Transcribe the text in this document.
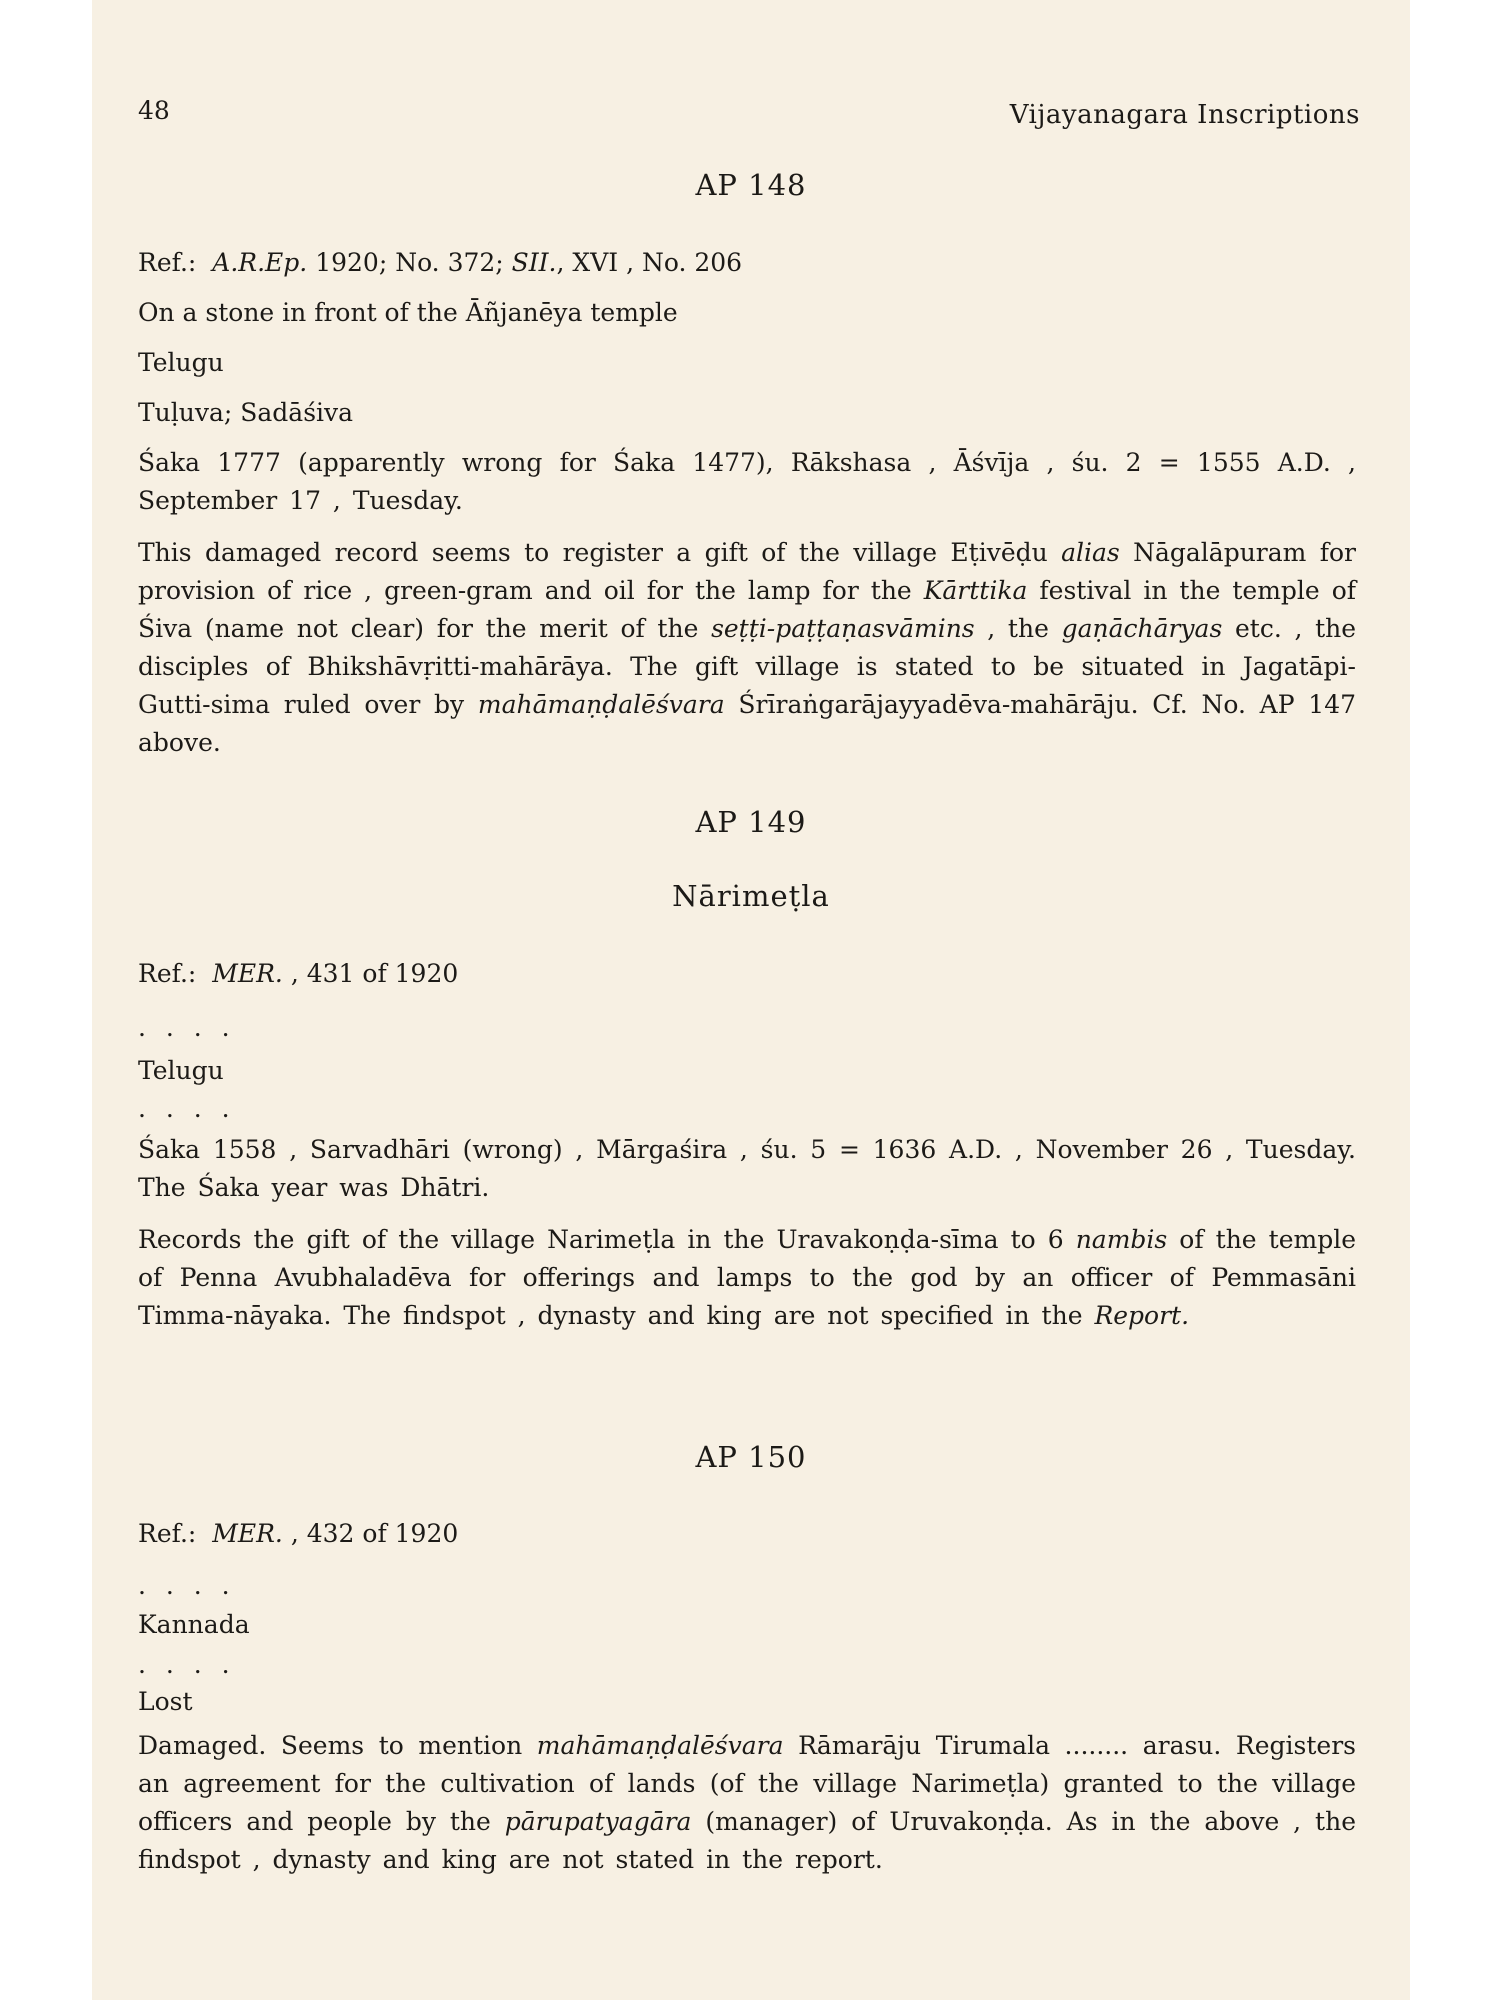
48	Vijayanagara Inscriptions
AP 148
Ref.: A.R.Ep. 1920; No. 372; SII., XVI , No. 206
On a stone in front of the Āñjanēya temple
Telugu
Tuḷuva; Sadāśiva
Śaka 1777 (apparently wrong for Śaka 1477), Rākshasa , Āśvīja , śu. 2 = 1555 A.D. , September 17 , Tuesday.
This damaged record seems to register a gift of the village Eṭivēḍu alias Nāgalāpuram for provision of rice , green-gram and oil for the lamp for the Kārttika festival in the temple of Śiva (name not clear) for the merit of the seṭṭi-paṭṭaṇasvāmins , the gaṇāchāryas etc. , the disciples of Bhikshāvṛitti-mahārāya. The gift village is stated to be situated in Jagatāpi-Gutti-sima ruled over by mahāmaṇḍalēśvara Śrīraṅgarājayyadēva-mahārāju. Cf. No. AP 147 above.
AP 149
Nārimeṭla
Ref.: MER. , 431 of 1920
. . . .
Telugu
. . . .
Śaka 1558 , Sarvadhāri (wrong) , Mārgaśira , śu. 5 = 1636 A.D. , November 26 , Tuesday. The Śaka year was Dhātri.
Records the gift of the village Narimeṭla in the Uravakoṇḍa-sīma to 6 nambis of the temple of Penna Avubhaladēva for offerings and lamps to the god by an officer of Pemmasāni Timma-nāyaka. The findspot , dynasty and king are not specified in the Report.
AP 150
Ref.: MER. , 432 of 1920
. . . .
Kannada
. . . .
Lost
Damaged. Seems to mention mahāmaṇḍalēśvara Rāmarāju Tirumala ........ arasu. Registers an agreement for the cultivation of lands (of the village Narimeṭla) granted to the village officers and people by the pārupatyagāra (manager) of Uruvakoṇḍa. As in the above , the findspot , dynasty and king are not stated in the report.
